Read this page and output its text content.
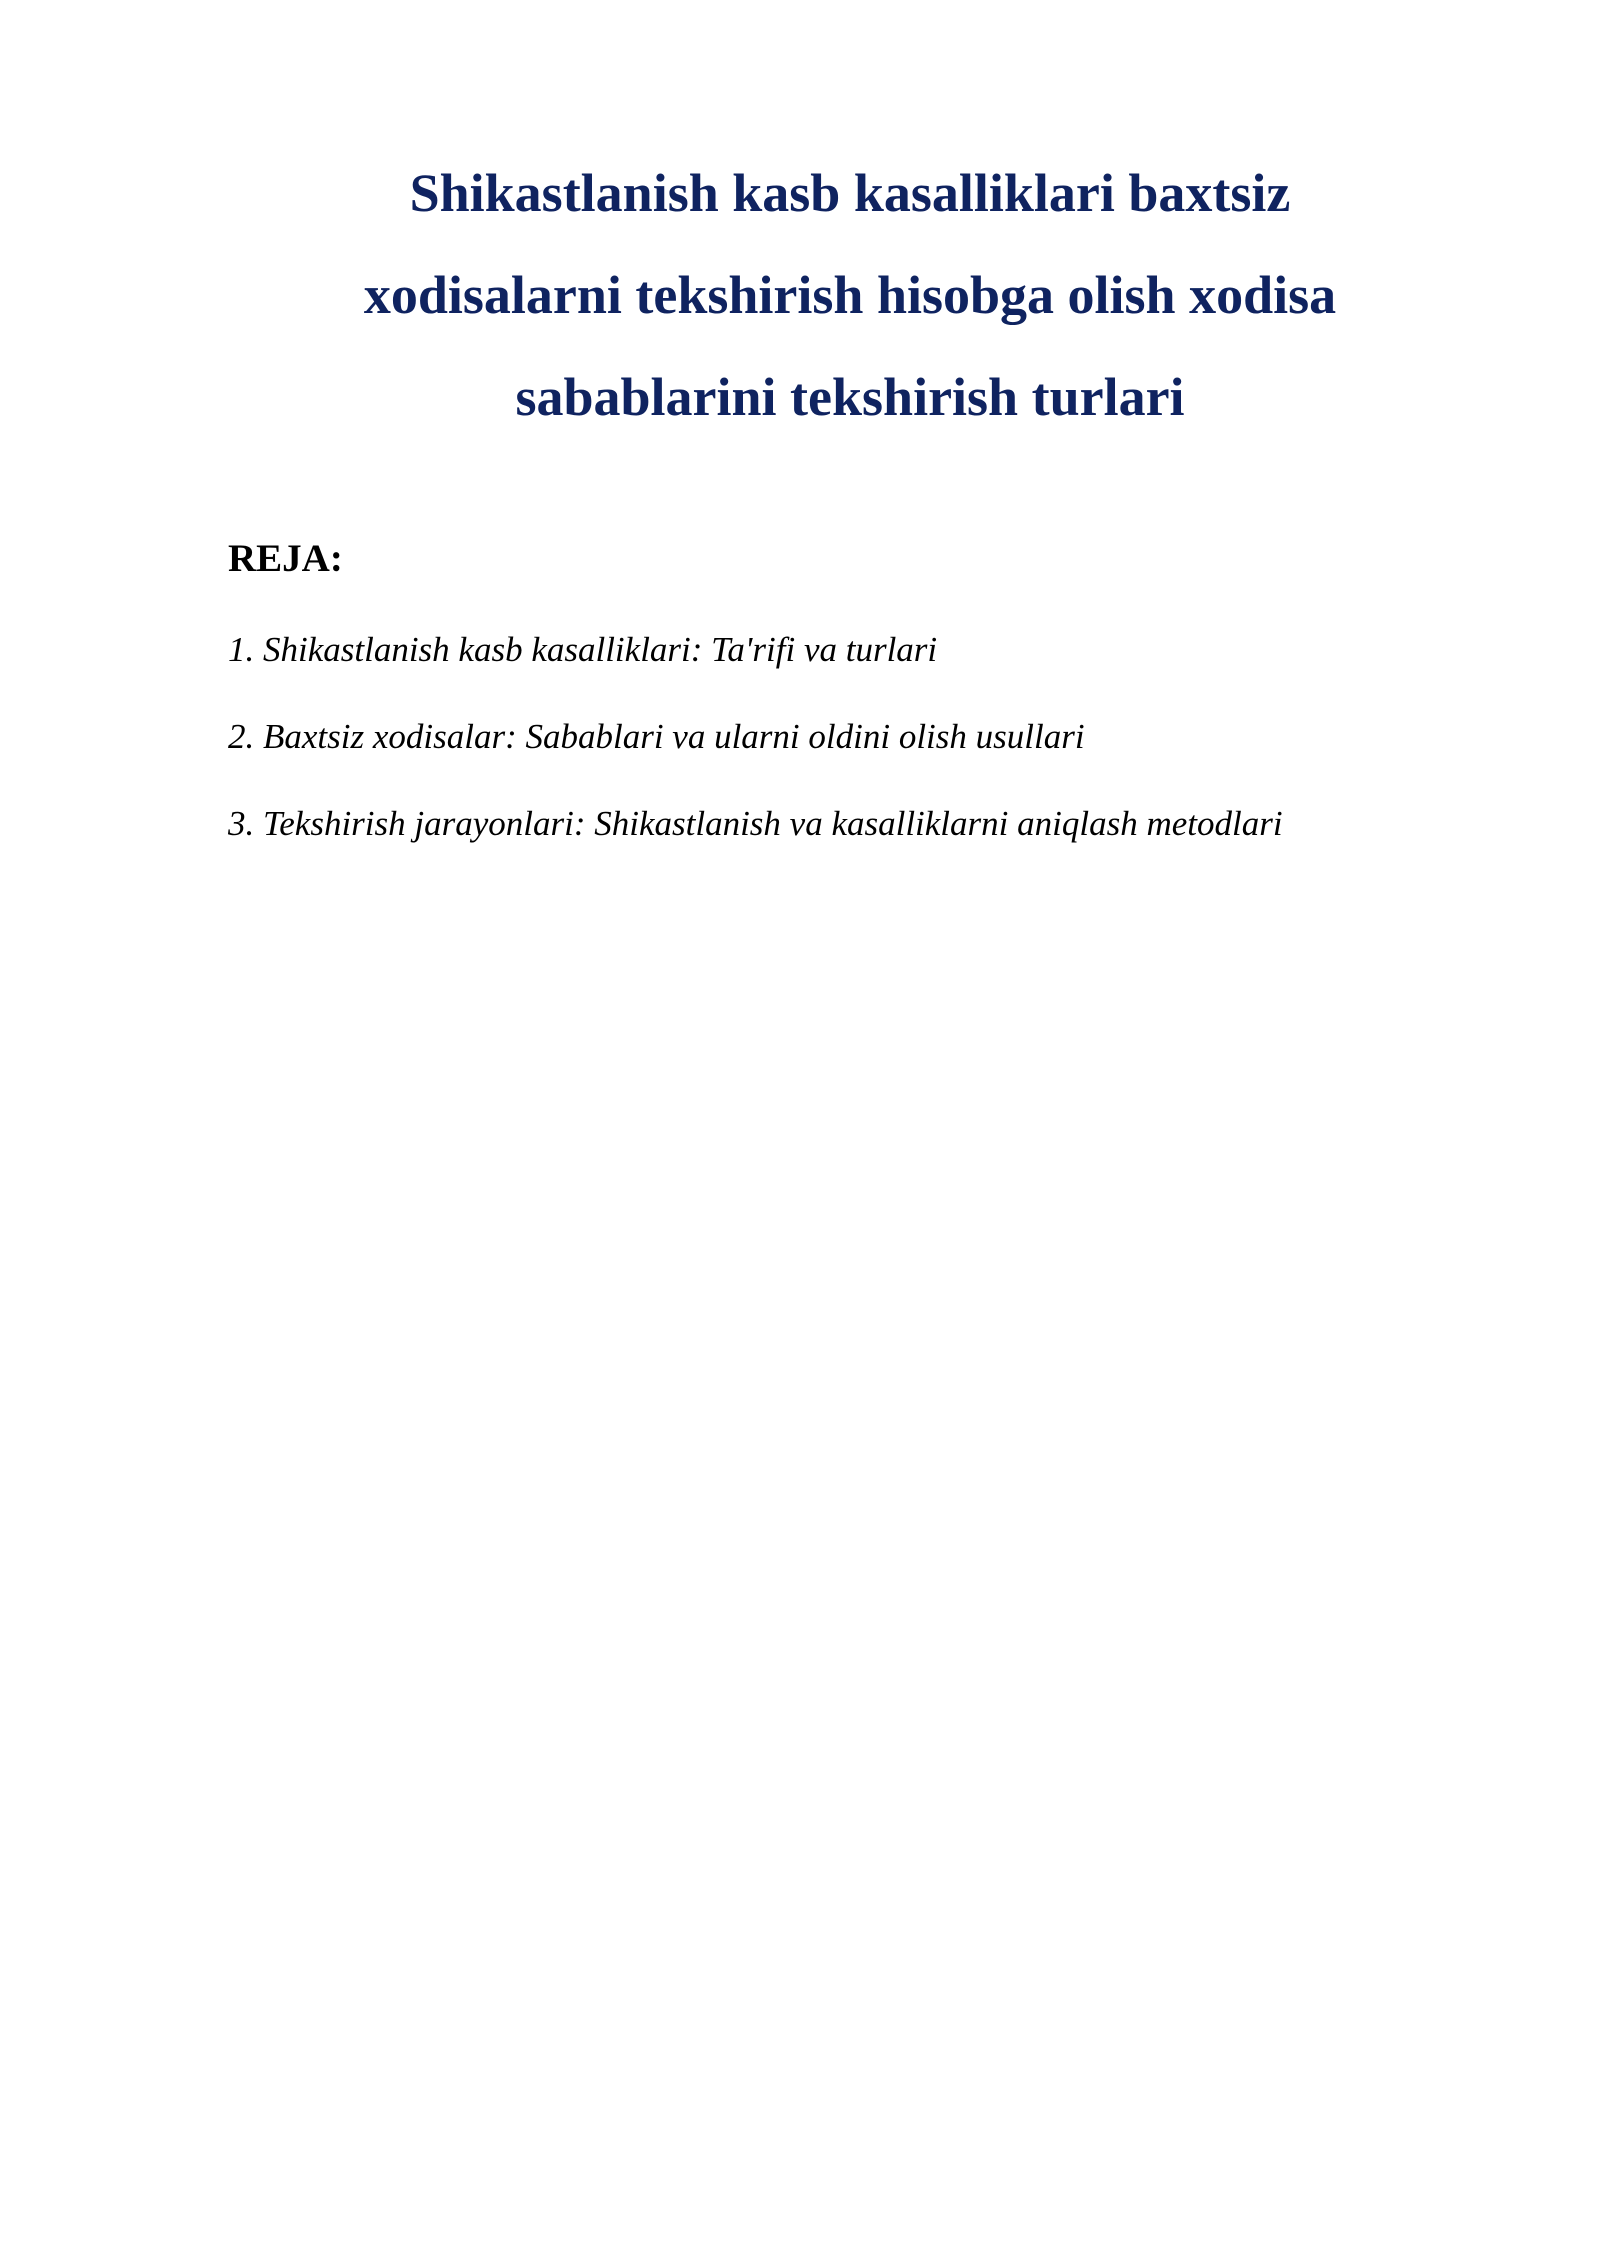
Shikastlanish kasb kasalliklari baxtsiz xodisalarni tekshirish hisobga olish xodisa sabablarini tekshirish turlari
REJA:
1. Shikastlanish kasb kasalliklari: Ta'rifi va turlari
2. Baxtsiz xodisalar: Sabablari va ularni oldini olish usullari
3. Tekshirish jarayonlari: Shikastlanish va kasalliklarni aniqlash metodlari
